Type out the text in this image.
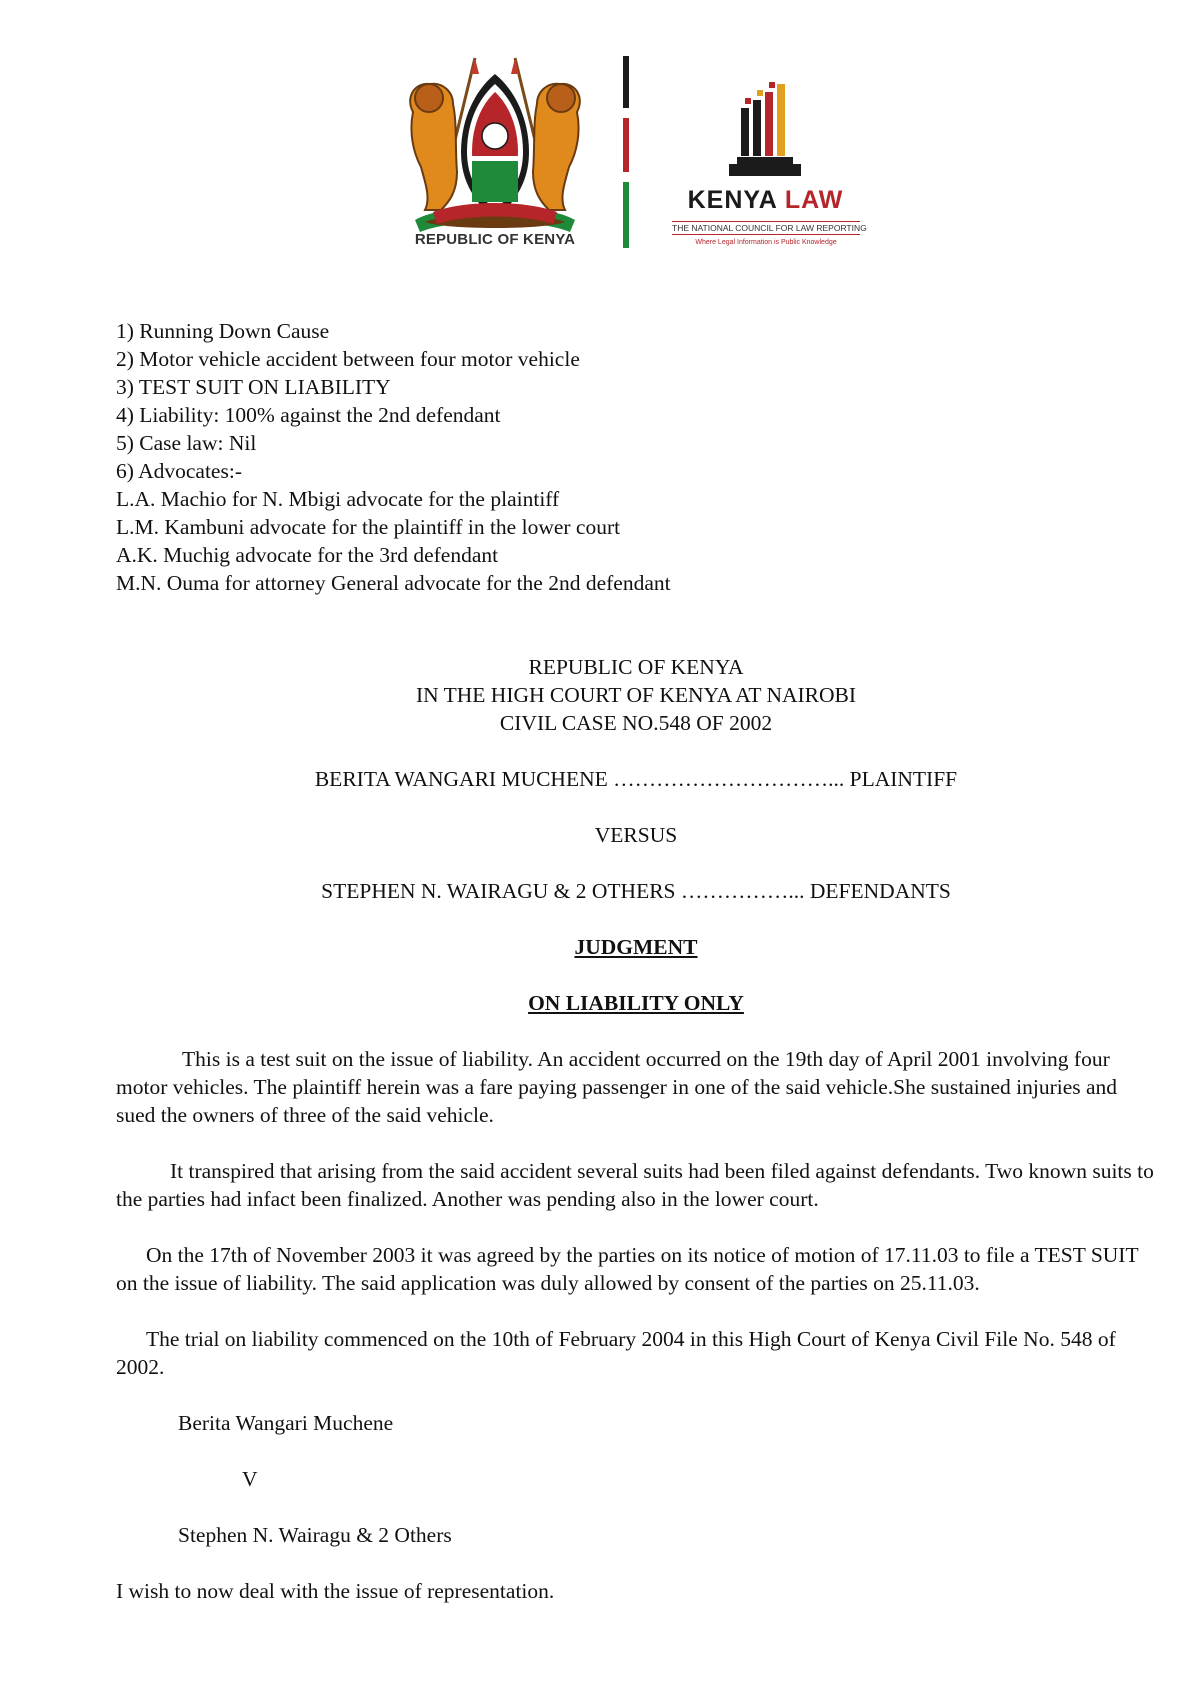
REPUBLIC OF KENYA
KENYA LAW
THE NATIONAL COUNCIL FOR LAW REPORTING
Where Legal Information is Public Knowledge
1) Running Down Cause
2) Motor vehicle accident between four motor vehicle
3) TEST SUIT ON LIABILITY
4) Liability: 100% against the 2nd defendant
5) Case law: Nil
6) Advocates:-
L.A. Machio for N. Mbigi advocate for the plaintiff
L.M. Kambuni advocate for the plaintiff in the lower court
A.K. Muchig advocate for the 3rd defendant
M.N. Ouma for attorney General advocate for the 2nd defendant
REPUBLIC OF KENYA
IN THE HIGH COURT OF KENYA AT NAIROBI
CIVIL CASE NO.548 OF 2002
BERITA WANGARI MUCHENE …………………………... PLAINTIFF
VERSUS
STEPHEN N. WAIRAGU & 2 OTHERS ……………... DEFENDANTS
JUDGMENT
ON LIABILITY ONLY
This is a test suit on the issue of liability. An accident occurred on the 19th day of April 2001 involving four motor vehicles. The plaintiff herein was a fare paying passenger in one of the said vehicle.She sustained injuries and sued the owners of three of the said vehicle.
It transpired that arising from the said accident several suits had been filed against defendants. Two known suits to the parties had infact been finalized. Another was pending also in the lower court.
On the 17th of November 2003 it was agreed by the parties on its notice of motion of 17.11.03 to file a TEST SUIT on the issue of liability. The said application was duly allowed by consent of the parties on 25.11.03.
The trial on liability commenced on the 10th of February 2004 in this High Court of Kenya Civil File No. 548 of 2002.
Berita Wangari Muchene
V
Stephen N. Wairagu & 2 Others
I wish to now deal with the issue of representation.
